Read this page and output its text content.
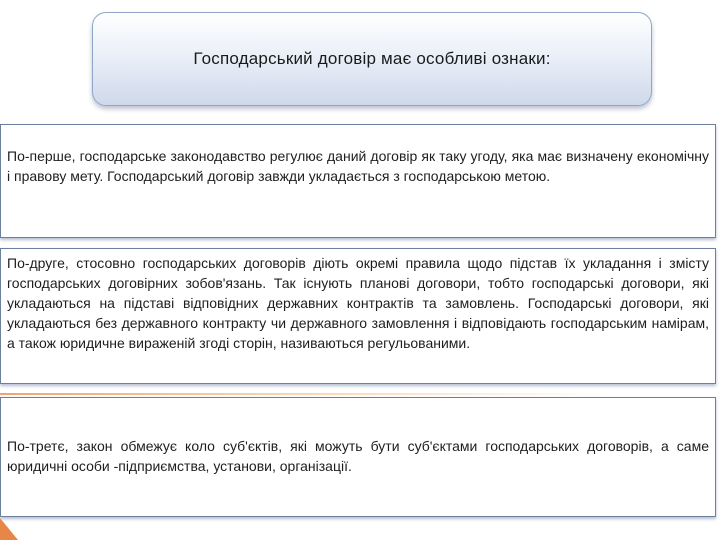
Господарський договір має особливі ознаки:
По-перше, господарське законодавство регулює даний договір як таку угоду, яка має визначену економічну і правову мету. Господарський договір завжди укладається з господарською метою.
По-друге, стосовно господарських договорів діють окремі правила щодо підстав їх укладання і змісту господарських договірних зобов'язань. Так існують планові договори, тобто господарські договори, які укладаються на підставі відповідних державних контрактів та замовлень. Господарські договори, які укладаються без державного контракту чи державного замовлення і відповідають господарським намірам, а також юридичне вираженій згоді сторін, називаються регульованими.
По-третє, закон обмежує коло суб'єктів, які можуть бути суб'єктами господарських договорів, а саме юридичні особи -підприємства, установи, організації.
